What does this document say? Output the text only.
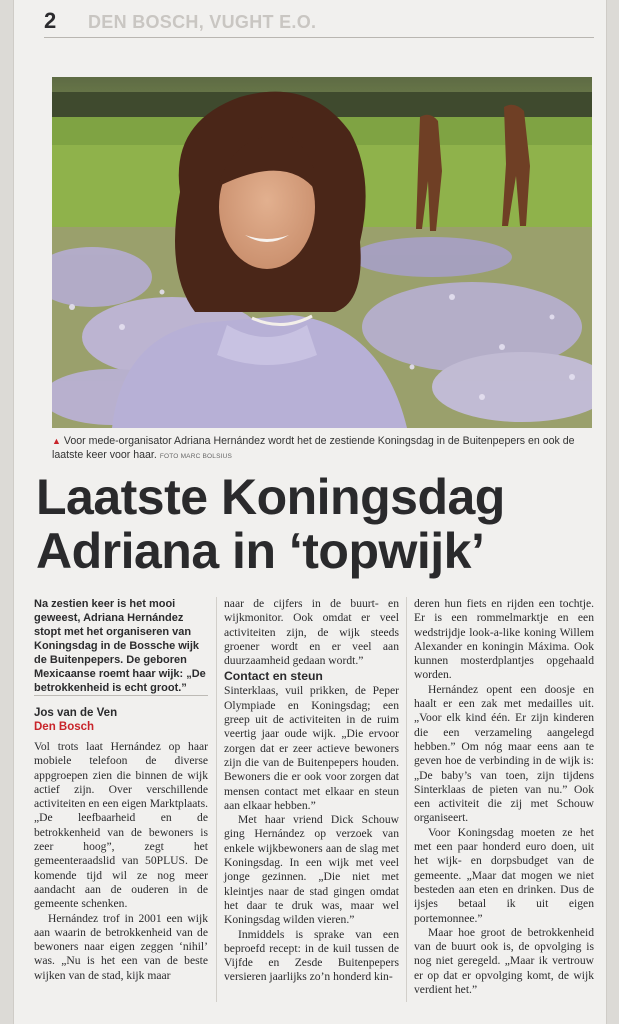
2 DEN BOSCH, VUGHT E.O.
▲ Voor mede-organisator Adriana Hernández wordt het de zestiende Koningsdag in de Buitenpepers en ook de laatste keer voor haar. FOTO MARC BOLSIUS
Laatste Koningsdag
Adriana in ‘topwijk’

Na zestien keer is het mooi geweest, Adriana Hernández stopt met het organiseren van Koningsdag in de Bossche wijk de Buitenpepers. De geboren Mexicaanse roemt haar wijk: „De betrokkenheid is echt groot.”

Jos van de Ven
Den Bosch

Vol trots laat Hernández op haar mobiele telefoon de diverse appgroepen zien die binnen de wijk actief zijn. Over verschillende activiteiten en een eigen Marktplaats. „De leefbaarheid en de betrokkenheid van de bewoners is zeer hoog”, zegt het gemeenteraadslid van 50PLUS. De komende tijd wil ze nog meer aandacht aan de ouderen in de gemeente schenken.

Hernández trof in 2001 een wijk aan waarin de betrokkenheid van de bewoners naar eigen zeggen ‘nihil’ was. „Nu is het een van de beste wijken van de stad, kijk maar

naar de cijfers in de buurt- en wijkmonitor. Ook omdat er veel activiteiten zijn, de wijk steeds groener wordt en er veel aan duurzaamheid gedaan wordt.”

Contact en steun

Sinterklaas, vuil prikken, de Peper Olympiade en Koningsdag; een greep uit de activiteiten in de ruim veertig jaar oude wijk. „Die ervoor zorgen dat er zeer actieve bewoners zijn die van de Buitenpepers houden. Bewoners die er ook voor zorgen dat mensen contact met elkaar en steun aan elkaar hebben.”

Met haar vriend Dick Schouw ging Hernández op verzoek van enkele wijkbewoners aan de slag met Koningsdag. In een wijk met veel jonge gezinnen. „Die niet met kleintjes naar de stad gingen omdat het daar te druk was, maar wel Koningsdag wilden vieren.”

Inmiddels is sprake van een beproefd recept: in de kuil tussen de Vijfde en Zesde Buitenpepers versieren jaarlijks zo’n honderd kin-

deren hun fiets en rijden een tochtje. Er is een rommelmarktje en een wedstrijdje look-a-like koning Willem Alexander en koningin Máxima. Ook kunnen mosterdplantjes opgehaald worden.

Hernández opent een doosje en haalt er een zak met medailles uit. „Voor elk kind één. Er zijn kinderen die een verzameling aangelegd hebben.” Om nóg maar eens aan te geven hoe de verbinding in de wijk is: „De baby’s van toen, zijn tijdens Sinterklaas de pieten van nu.” Ook een activiteit die zij met Schouw organiseert.

Voor Koningsdag moeten ze het met een paar honderd euro doen, uit het wijk- en dorpsbudget van de gemeente. „Maar dat mogen we niet besteden aan eten en drinken. Dus de ijsjes betaal ik uit eigen portemonnee.”

Maar hoe groot de betrokkenheid van de buurt ook is, de opvolging is nog niet geregeld. „Maar ik vertrouw er op dat er opvolging komt, de wijk verdient het.”
